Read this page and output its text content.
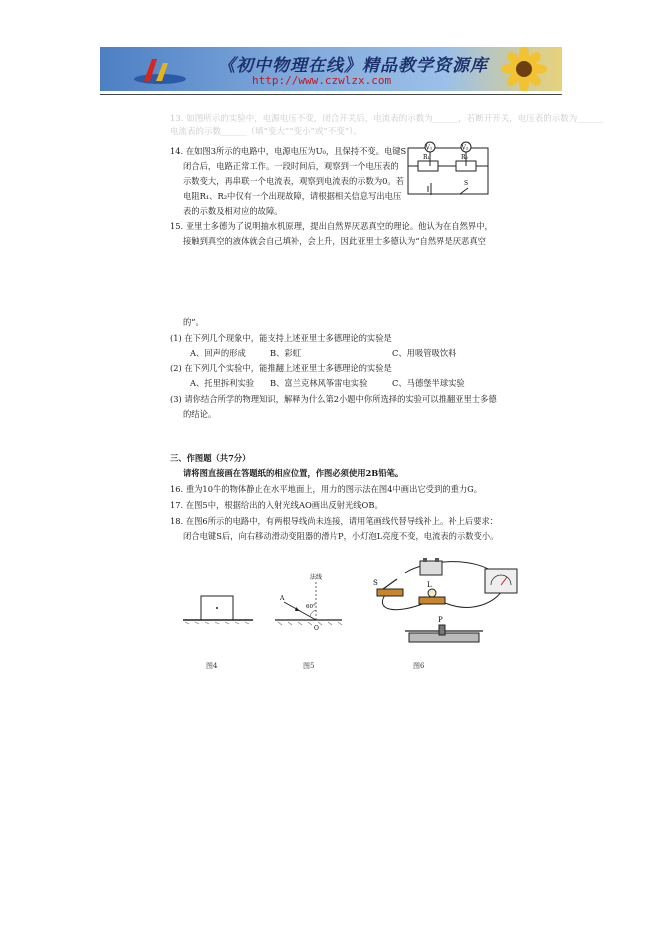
《初中物理在线》精品教学资源库
http://www.czwlzx.com
13. 如图所示的实验中，电源电压不变，闭合开关后，电流表的示数为______，若断开开关，电压表的示数为______
电流表的示数______（填“变大”“变小”或“不变”）。
14. 在如图3所示的电路中，电源电压为U₀，且保持不变。电键S
闭合后，电路正常工作。一段时间后，观察到一个电压表的
示数变大，再串联一个电流表，观察到电流表的示数为0。若
电阻R₁、R₂中仅有一个出现故障，请根据相关信息写出电压
表的示数及相对应的故障。
V₁	V₂
R₁	R₂
S
15. 亚里士多德为了说明抽水机原理，提出自然界厌恶真空的理论。他认为在自然界中，
接触到真空的液体就会自己填补，会上升，因此亚里士多德认为“自然界是厌恶真空
的”。
(1) 在下列几个现象中，能支持上述亚里士多德理论的实验是
A、回声的形成	B、彩虹	C、用吸管吸饮料
(2) 在下列几个实验中，能推翻上述亚里士多德理论的实验是
A、托里拆利实验 B、富兰克林风筝雷电实验	C、马德堡半球实验
(3) 请你结合所学的物理知识，解释为什么第2小题中你所选择的实验可以推翻亚里士多德
的结论。
三、作图题（共7分）
请将图直接画在答题纸的相应位置，作图必须使用2B铅笔。
16. 重为10牛的物体静止在水平地面上，用力的图示法在图4中画出它受到的重力G。
17. 在图5中，根据给出的入射光线AO画出反射光线OB。
18. 在图6所示的电路中，有两根导线尚未连接，请用笔画线代替导线补上。补上后要求：
闭合电键S后，向右移动滑动变阻器的滑片P，小灯泡L亮度不变，电流表的示数变小。
图4
法线
60°
A
O
图5
S	L
P
图6
